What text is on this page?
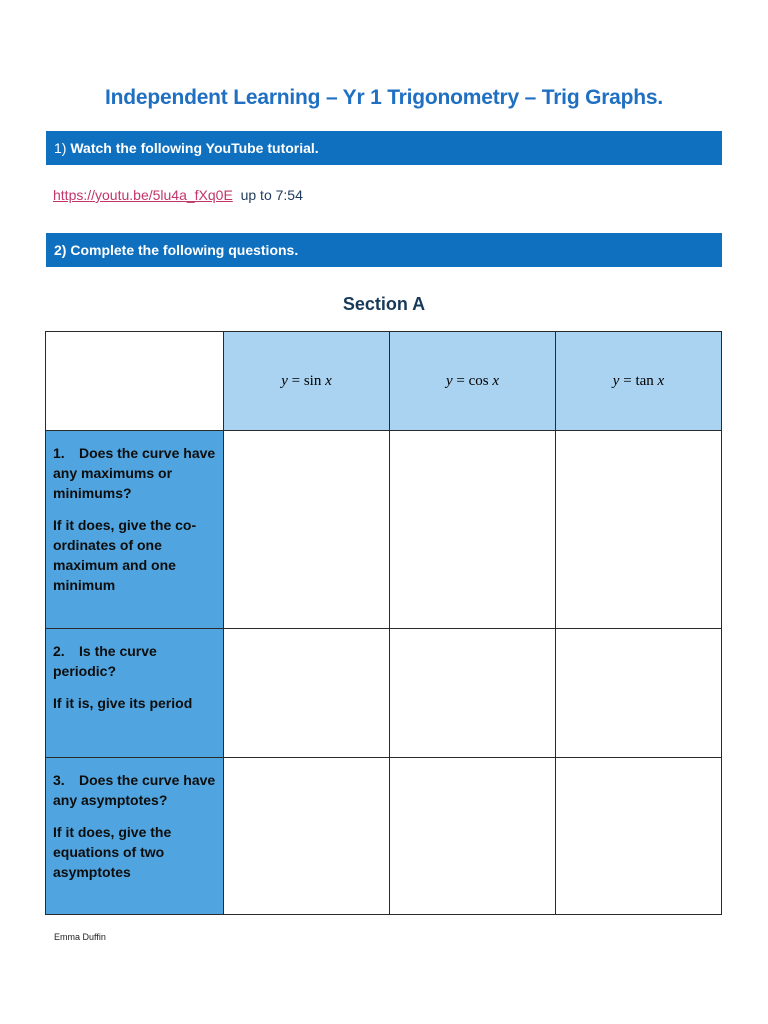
Independent Learning – Yr 1 Trigonometry – Trig Graphs.
1) Watch the following YouTube tutorial.
https://youtu.be/5lu4a_fXq0E up to 7:54
2) Complete the following questions.
Section A
	y = sin x	y = cos x	y = tan x

1. Does the curve have any maximums or minimums?

If it does, give the co-ordinates of one maximum and one minimum			

2. Is the curve periodic?

If it is, give its period			

3. Does the curve have any asymptotes?

If it does, give the equations of two asymptotes			

Emma Duffin
